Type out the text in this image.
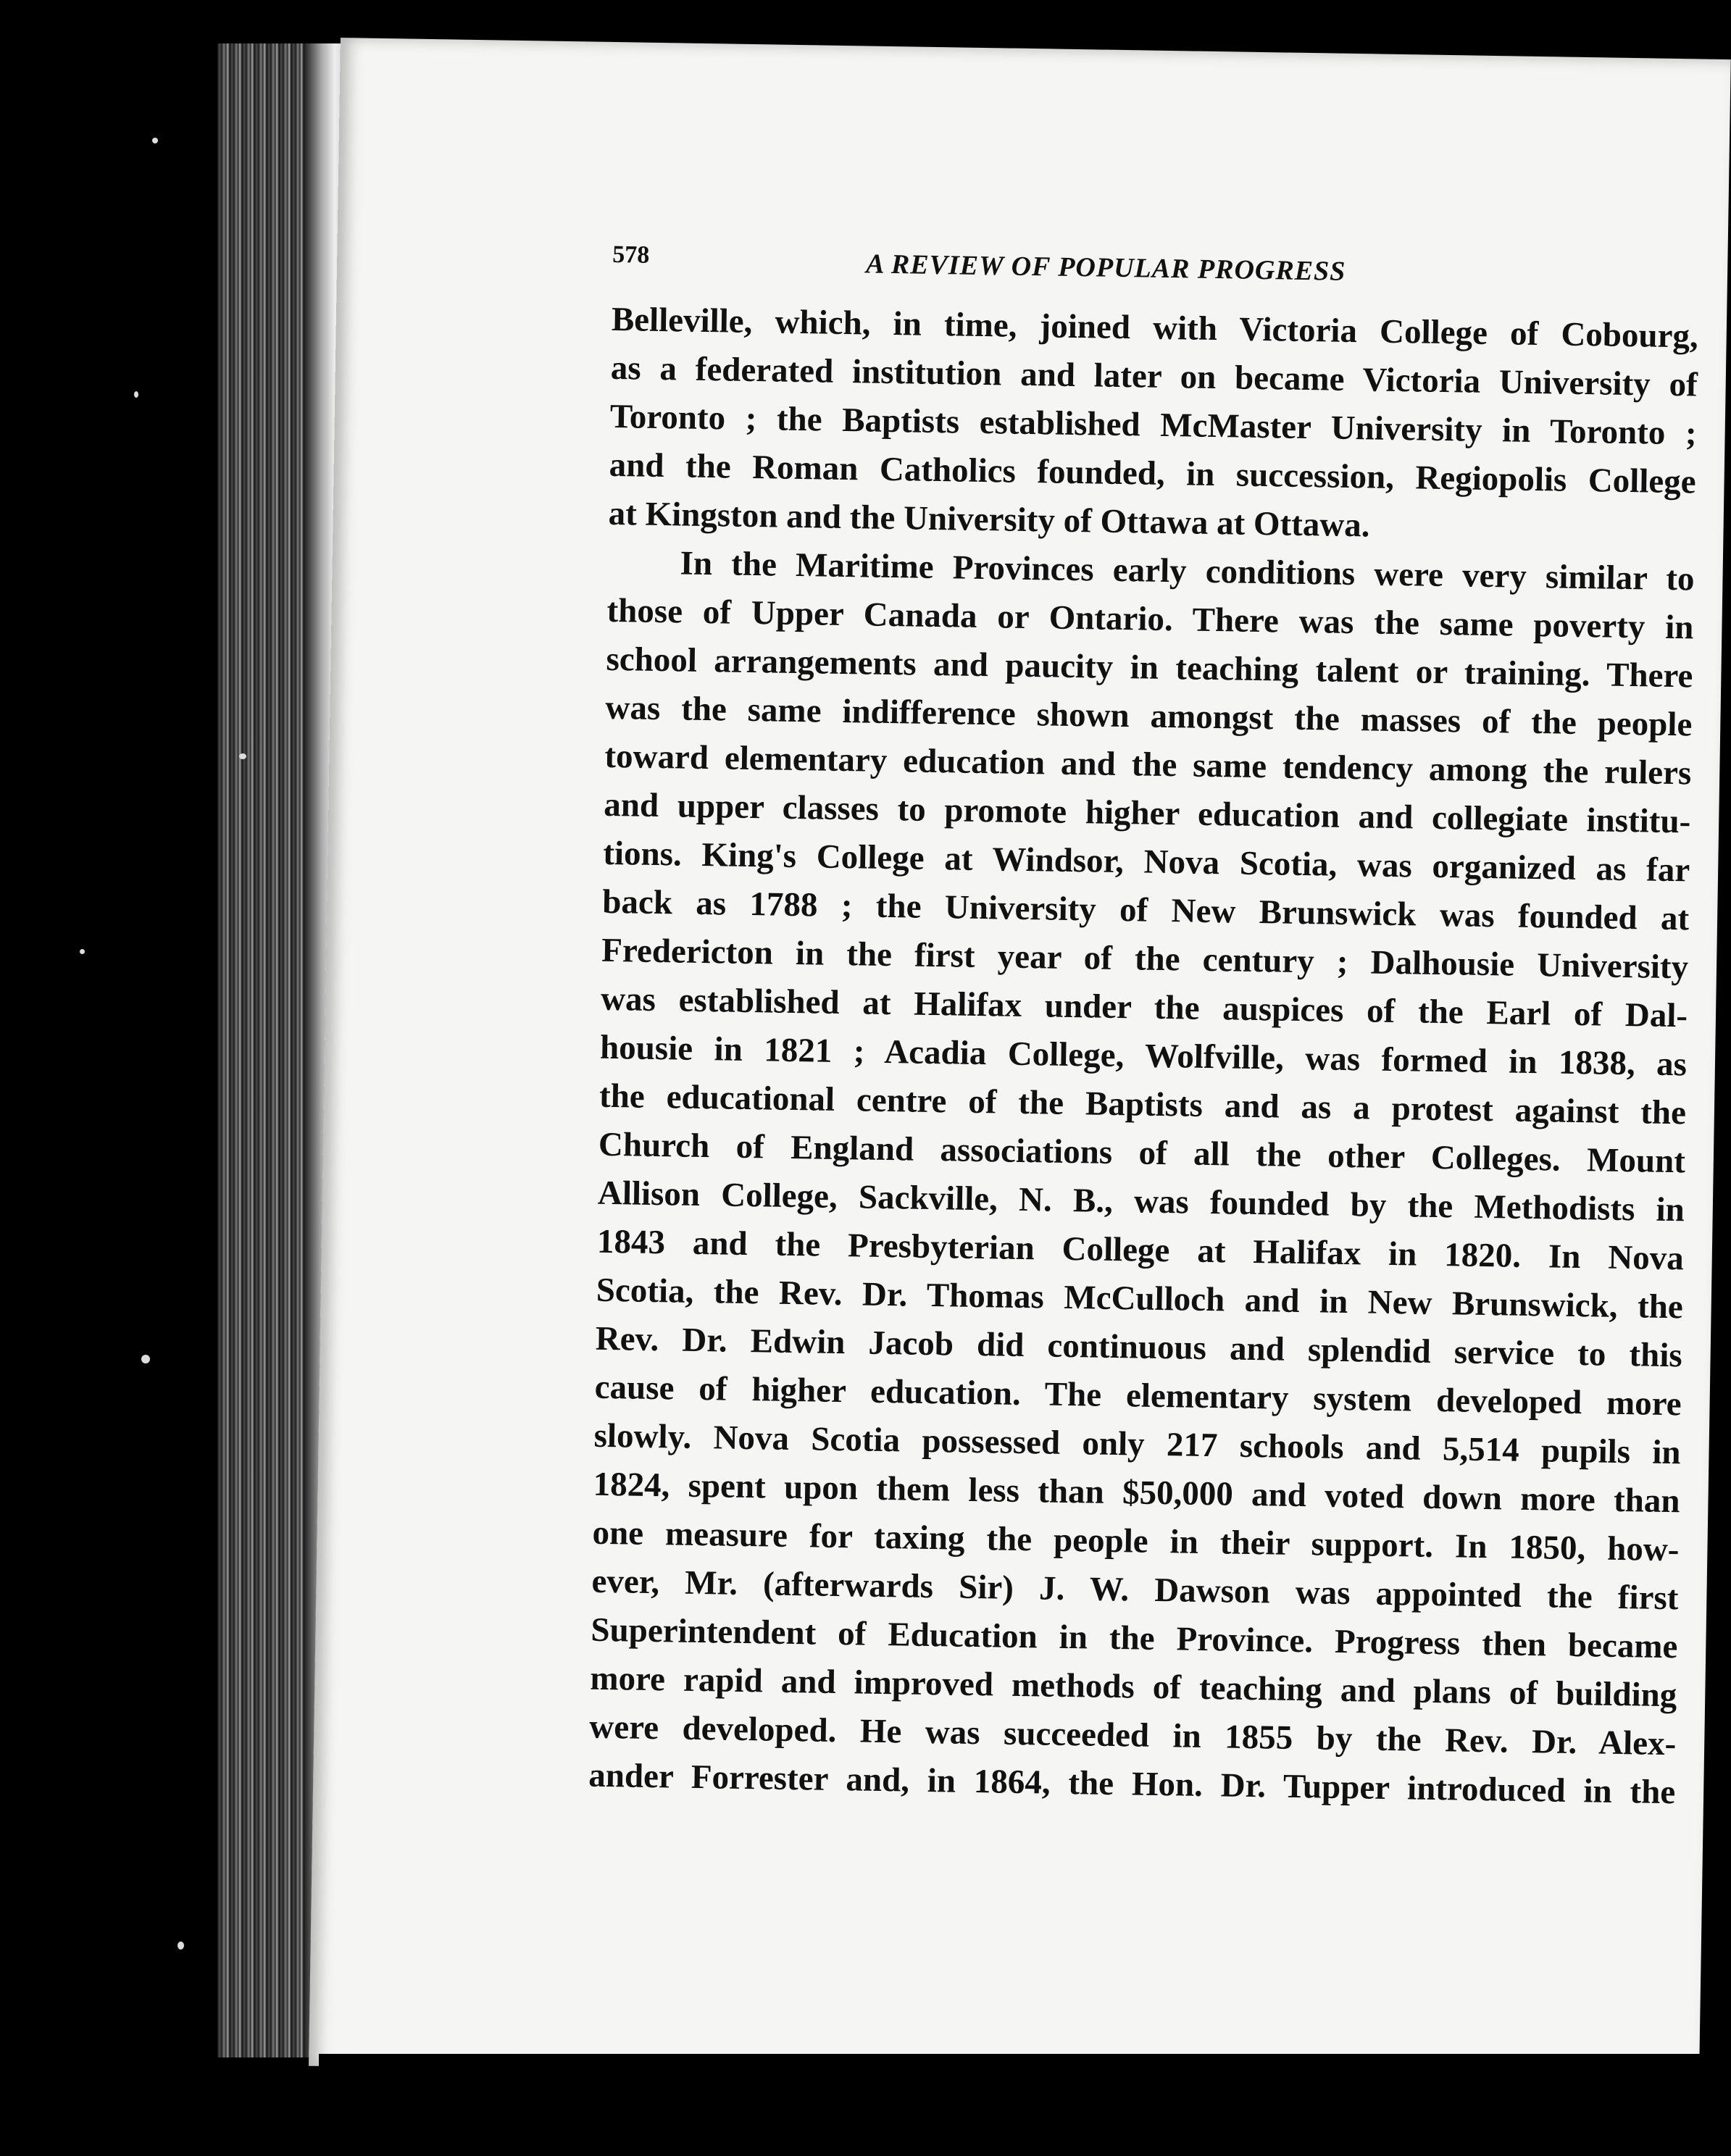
578	A REVIEW OF POPULAR PROGRESS
Belleville, which, in time, joined with Victoria College of Cobourg,
as a federated institution and later on became Victoria University of
Toronto ; the Baptists established McMaster University in Toronto ;
and the Roman Catholics founded, in succession, Regiopolis College
at Kingston and the University of Ottawa at Ottawa.
In the Maritime Provinces early conditions were very similar to
those of Upper Canada or Ontario. There was the same poverty in
school arrangements and paucity in teaching talent or training. There
was the same indifference shown amongst the masses of the people
toward elementary education and the same tendency among the rulers
and upper classes to promote higher education and collegiate institu-
tions. King's College at Windsor, Nova Scotia, was organized as far
back as 1788 ; the University of New Brunswick was founded at
Fredericton in the first year of the century ; Dalhousie University
was established at Halifax under the auspices of the Earl of Dal-
housie in 1821 ; Acadia College, Wolfville, was formed in 1838, as
the educational centre of the Baptists and as a protest against the
Church of England associations of all the other Colleges. Mount
Allison College, Sackville, N. B., was founded by the Methodists in
1843 and the Presbyterian College at Halifax in 1820. In Nova
Scotia, the Rev. Dr. Thomas McCulloch and in New Brunswick, the
Rev. Dr. Edwin Jacob did continuous and splendid service to this
cause of higher education. The elementary system developed more
slowly. Nova Scotia possessed only 217 schools and 5,514 pupils in
1824, spent upon them less than $50,000 and voted down more than
one measure for taxing the people in their support. In 1850, how-
ever, Mr. (afterwards Sir) J. W. Dawson was appointed the first
Superintendent of Education in the Province. Progress then became
more rapid and improved methods of teaching and plans of building
were developed. He was succeeded in 1855 by the Rev. Dr. Alex-
ander Forrester and, in 1864, the Hon. Dr. Tupper introduced in the
